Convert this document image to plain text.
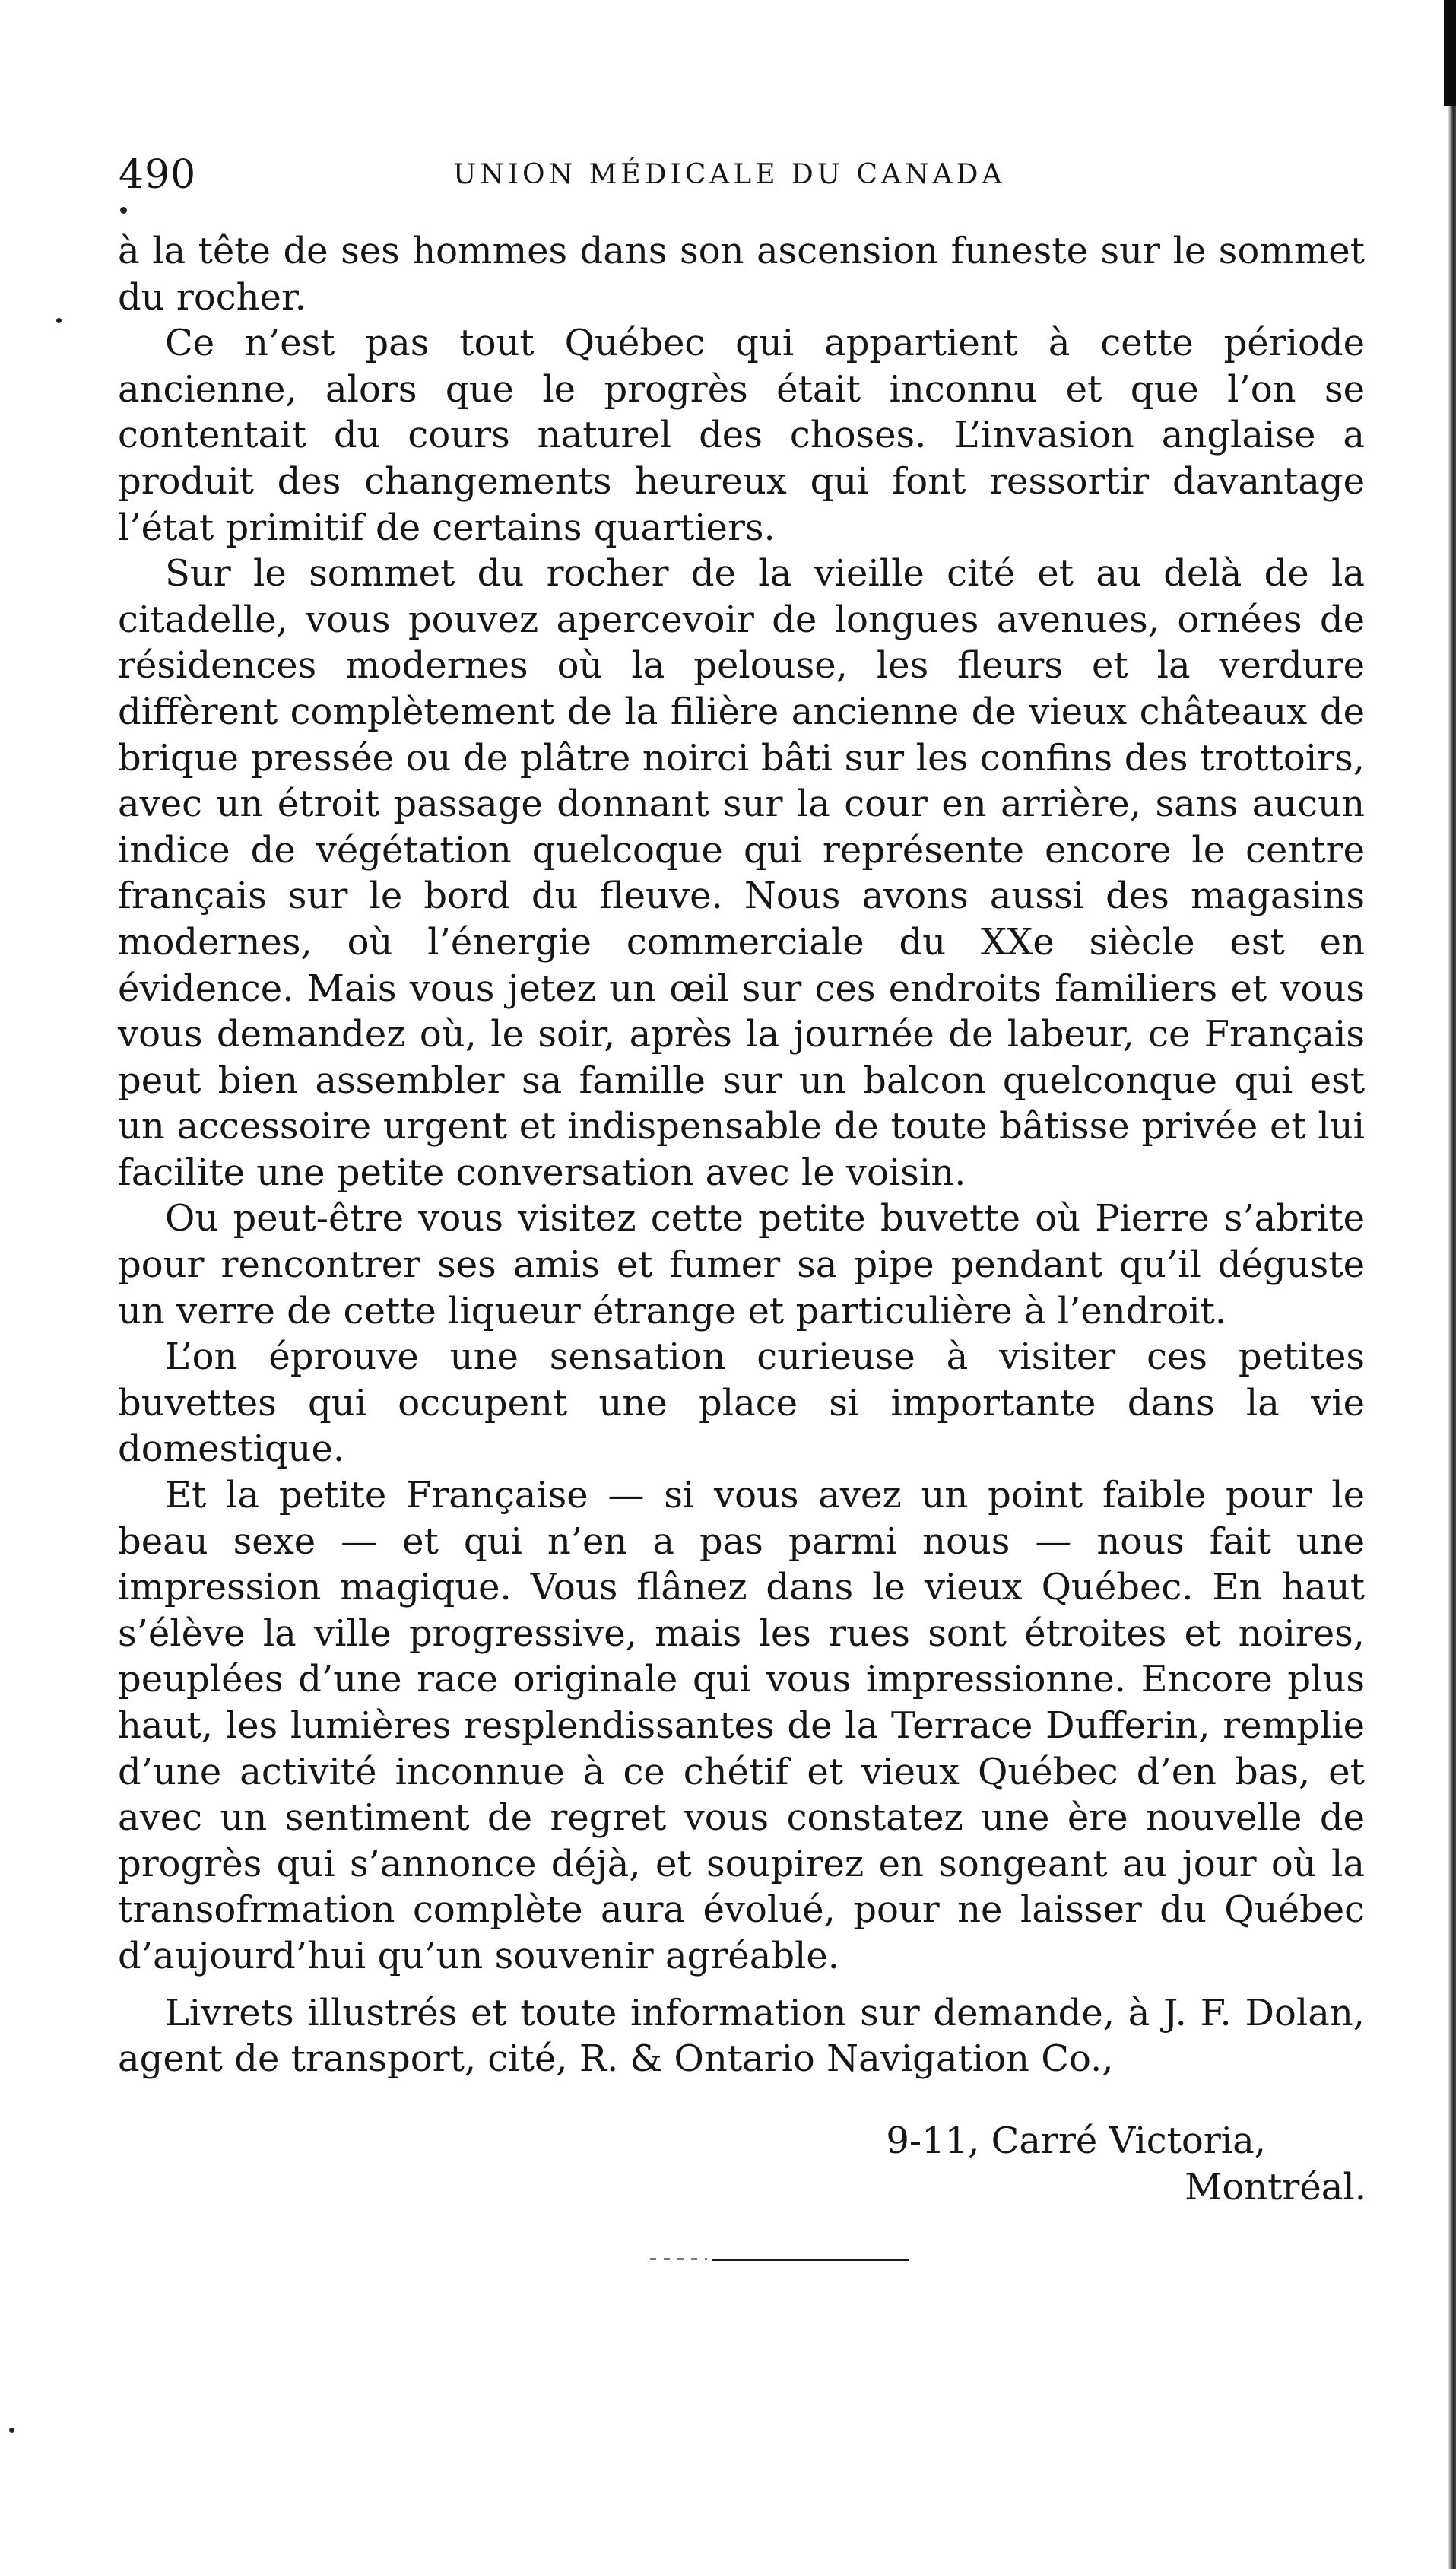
490	UNION MÉDICALE DU CANADA

à la tête de ses hommes dans son ascension funeste sur le sommet du rocher.

Ce n’est pas tout Québec qui appartient à cette période ancienne, alors que le progrès était inconnu et que l’on se contentait du cours naturel des choses. L’invasion anglaise a produit des changements heureux qui font ressortir davantage l’état primitif de certains quartiers.

Sur le sommet du rocher de la vieille cité et au delà de la citadelle, vous pouvez apercevoir de longues avenues, ornées de résidences modernes où la pelouse, les fleurs et la verdure diffèrent complètement de la filière ancienne de vieux châteaux de brique pressée ou de plâtre noirci bâti sur les confins des trottoirs, avec un étroit passage donnant sur la cour en arrière, sans aucun indice de végétation quelcoque qui représente encore le centre français sur le bord du fleuve. Nous avons aussi des magasins modernes, où l’énergie commerciale du XXe siècle est en évidence. Mais vous jetez un œil sur ces endroits familiers et vous vous demandez où, le soir, après la journée de labeur, ce Français peut bien assembler sa famille sur un balcon quelconque qui est un accessoire urgent et indispensable de toute bâtisse privée et lui facilite une petite conversation avec le voisin.

Ou peut-être vous visitez cette petite buvette où Pierre s’abrite pour rencontrer ses amis et fumer sa pipe pendant qu’il déguste un verre de cette liqueur étrange et particulière à l’endroit.

L’on éprouve une sensation curieuse à visiter ces petites buvettes qui occupent une place si importante dans la vie domestique.

Et la petite Française — si vous avez un point faible pour le beau sexe — et qui n’en a pas parmi nous — nous fait une impression magique. Vous flânez dans le vieux Québec. En haut s’élève la ville progressive, mais les rues sont étroites et noires, peuplées d’une race originale qui vous impressionne. Encore plus haut, les lumières resplendissantes de la Terrace Dufferin, remplie d’une activité inconnue à ce chétif et vieux Québec d’en bas, et avec un sentiment de regret vous constatez une ère nouvelle de progrès qui s’annonce déjà, et soupirez en songeant au jour où la transofrmation complète aura évolué, pour ne laisser du Québec d’aujourd’hui qu’un souvenir agréable.

Livrets illustrés et toute information sur demande, à J. F. Dolan, agent de transport, cité, R. & Ontario Navigation Co.,

9-11, Carré Victoria,
Montréal.
